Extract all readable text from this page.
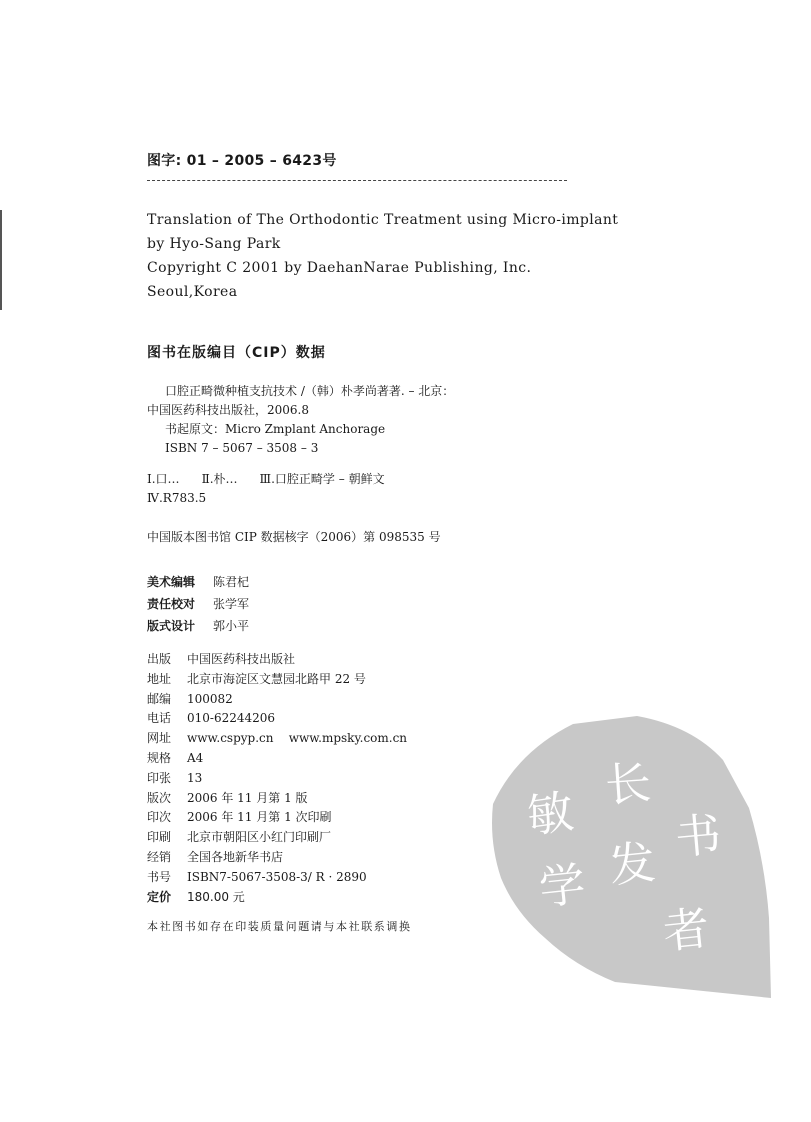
图字: 01 – 2005 – 6423号
Translation of The Orthodontic Treatment using Micro-implant
by Hyo-Sang Park
Copyright C 2001 by DaehanNarae Publishing, Inc.
Seoul,Korea
图书在版编目（CIP）数据
口腔正畸微种植支抗技术 /（韩）朴孝尚著著. – 北京：
中国医药科技出版社，2006.8
书起原文：Micro Zmplant Anchorage
ISBN 7 – 5067 – 3508 – 3
Ⅰ.口… Ⅱ.朴… Ⅲ.口腔正畸学 – 朝鲜文
Ⅳ.R783.5
中国版本图书馆 CIP 数据核字（2006）第 098535 号
美术编辑 陈君杞
责任校对 张学军
版式设计 郭小平
出版 中国医药科技出版社
地址 北京市海淀区文慧园北路甲 22 号
邮编 100082
电话 010-62244206
网址 www.cspyp.cn    www.mpsky.com.cn
规格 A4
印张 13
版次 2006 年 11 月第 1 版
印次 2006 年 11 月第 1 次印刷
印刷 北京市朝阳区小红门印刷厂
经销 全国各地新华书店
书号 ISBN7-5067-3508-3/ R · 2890
定价 180.00 元
本社图书如存在印装质量问题请与本社联系调换
敏
学
长
发 书
者
